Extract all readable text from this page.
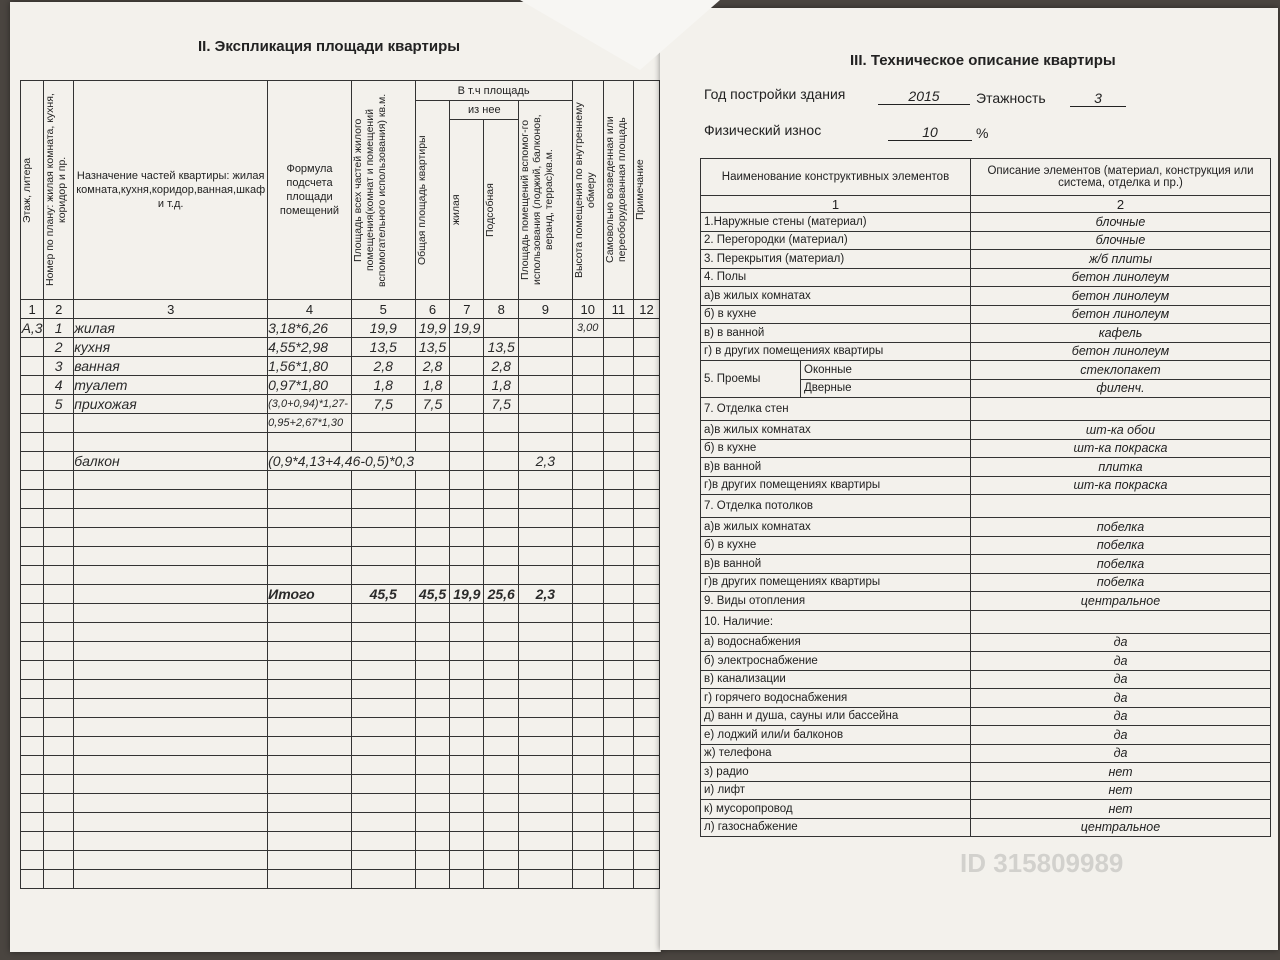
II. Экспликация площади квартиры
Этаж, литера	Номер по плану: жилая комната, кухня, коридор и пр.	Назначение частей квартиры: жилая комната,кухня,коридор,ванная,шкаф и т.д.	Формула подсчета площади помещений	Площадь всех частей жилого помещения(комнат и помещений вспомогательного использования) кв.м.	В т.ч площадь				Высота помещения по внутреннему обмеру	Самовольно возведенная или переоборудованная площадь	Примечание

					Общая площадь квартиры	из нее		Площадь помещений вспомог-го использования (лоджий, балконов, веранд, террас)кв.м.			

						жилая	Подсобная				

1	2	3	4	5	6	7	8	9	10	11	12
А,3	1	жилая	3,18*6,26	19,9	19,9	19,9			3,00		
	2	кухня	4,55*2,98	13,5	13,5		13,5				
	3	ванная	1,56*1,80	2,8	2,8		2,8				
	4	туалет	0,97*1,80	1,8	1,8		1,8				
	5	прихожая	(3,0+0,94)*1,27-	7,5	7,5		7,5				
			0,95+2,67*1,30								

		балкон	(0,9*4,13+4,46-0,5)*0,3					2,3			

			Итого	45,5	45,5	19,9	25,6	2,3			

III. Техническое описание квартиры
Год постройки здания	2015	Этажность	3
Физический износ	10	%
Наименование конструктивных элементов		Описание элементов (материал, конструкция или система, отделка и пр.)
1		2
1.Наружные стены (материал)		блочные
2. Перегородки (материал)		блочные
3. Перекрытия (материал)		ж/б плиты
4. Полы		бетон линолеум
а)в жилых комнатах		бетон линолеум
б) в кухне		бетон линолеум
в) в ванной		кафель
г) в других помещениях квартиры		бетон линолеум
5. Проемы	Оконные	стеклопакет
	Дверные	филенч.
7. Отделка стен		
а)в жилых комнатах		шт-ка обои
б) в кухне		шт-ка покраска
в)в ванной		плитка
г)в других помещениях квартиры		шт-ка покраска
7. Отделка потолков		
а)в жилых комнатах		побелка
б) в кухне		побелка
в)в ванной		побелка
г)в других помещениях квартиры		побелка
9. Виды отопления		центральное
10. Наличие:		
а) водоснабжения		да
б) электроснабжение		да
в) канализации		да
г) горячего водоснабжения		да
д) ванн и душа, сауны или бассейна		да
е) лоджий или/и балконов		да
ж) телефона		да
з) радио		нет
и) лифт		нет
к) мусоропровод		нет
л) газоснабжение		центральное
ID 315809989
